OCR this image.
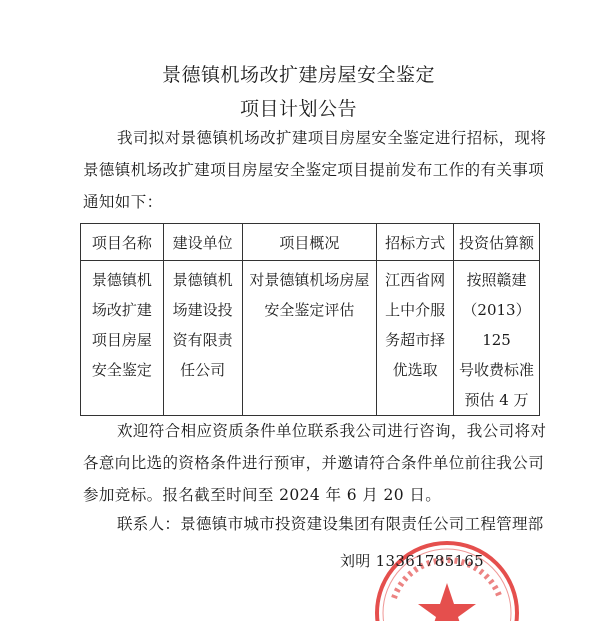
景德镇机场改扩建房屋安全鉴定
项目计划公告
我司拟对景德镇机场改扩建项目房屋安全鉴定进行招标，现将景德镇机场改扩建项目房屋安全鉴定项目提前发布工作的有关事项通知如下：
项目名称	建设单位	项目概况	招标方式	投资估算额

景德镇机
场改扩建
项目房屋
安全鉴定	景德镇机
场建设投
资有限责
任公司	对景德镇机场房屋
安全鉴定评估	江西省网
上中介服
务超市择
优选取	按照赣建
（2013）125
号收费标准
预估 4 万
欢迎符合相应资质条件单位联系我公司进行咨询，我公司将对各意向比选的资格条件进行预审，并邀请符合条件单位前往我公司参加竞标。报名截至时间至 2024 年 6 月 20 日。
联系人：景德镇市城市投资建设集团有限责任公司工程管理部
刘明 13361785165
